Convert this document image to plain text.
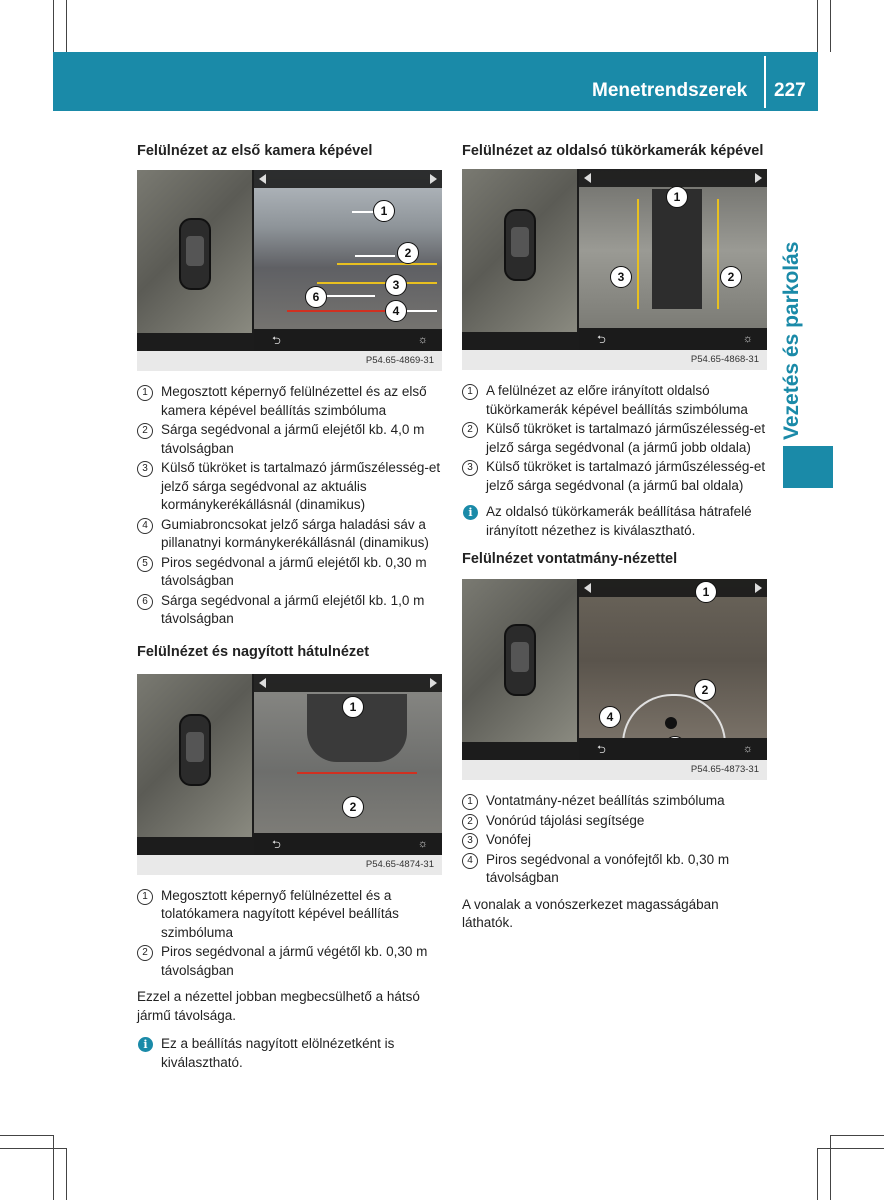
Menetrendszerek 227
Vezetés és parkolás
Felülnézet az első kamera képével
1
2
3
4
6
⮌	☼
P54.65-4869-31
1 Megosztott képernyő felülnézettel és az első kamera képével beállítás szimbóluma
2 Sárga segédvonal a jármű elejétől kb. 4,0 m távolságban
3 Külső tükröket is tartalmazó járműszélesség-et jelző sárga segédvonal az aktuális kormánykerékállásnál (dinamikus)
4 Gumiabroncsokat jelző sárga haladási sáv a pillanatnyi kormánykerékállásnál (dinamikus)
5 Piros segédvonal a jármű elejétől kb. 0,30 m távolságban
6 Sárga segédvonal a jármű elejétől kb. 1,0 m távolságban
Felülnézet és nagyított hátulnézet
1
2
⮌	☼
P54.65-4874-31
1 Megosztott képernyő felülnézettel és a tolatókamera nagyított képével beállítás szimbóluma
2 Piros segédvonal a jármű végétől kb. 0,30 m távolságban

Ezzel a nézettel jobban megbecsülhető a hátsó jármű távolsága.

i Ez a beállítás nagyított elölnézetként is kiválasztható.
Felülnézet az oldalsó tükörkamerák képével
1
2
3
⮌	☼
P54.65-4868-31
1 A felülnézet az előre irányított oldalsó tükörkamerák képével beállítás szimbóluma
2 Külső tükröket is tartalmazó járműszélesség-et jelző sárga segédvonal (a jármű jobb oldala)
3 Külső tükröket is tartalmazó járműszélesség-et jelző sárga segédvonal (a jármű bal oldala)
i Az oldalsó tükörkamerák beállítása hátrafelé irányított nézethez is kiválasztható.
Felülnézet vontatmány-nézettel
1
2
4
⮌	☼
P54.65-4873-31
1 Vontatmány-nézet beállítás szimbóluma
2 Vonórúd tájolási segítsége
3 Vonófej
4 Piros segédvonal a vonófejtől kb. 0,30 m távolságban

A vonalak a vonószerkezet magasságában láthatók.
